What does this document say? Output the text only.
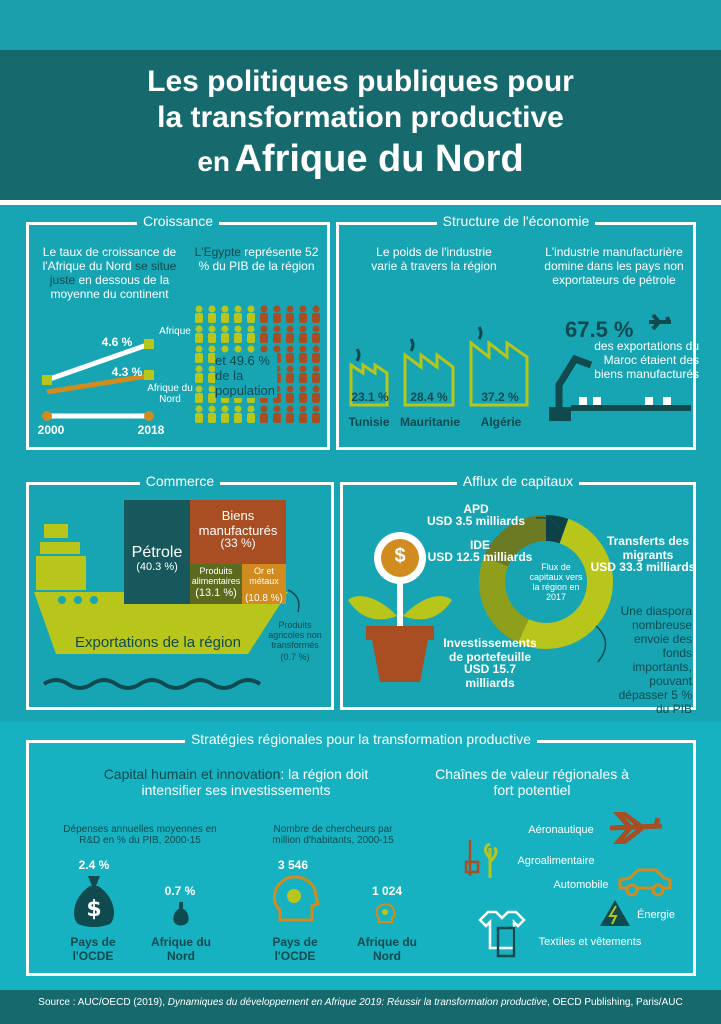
Les politiques publiques pour
la transformation productive
en Afrique du Nord
Croissance
Le taux de croissance de l'Afrique du Nord se situe juste en dessous de la moyenne du continent
4.6 %
Afrique
4.3 %
Afrique du Nord
2000	2018
L'Egypte représente 52 % du PIB de la région
et 49.6 % de la population
Structure de l'économie
Le poids de l'industrie varie à travers la région
23.1 %	28.4 %	37.2 %
Tunisie Mauritanie	Algérie
L'industrie manufacturière domine dans les pays non exportateurs de pétrole
67.5 %
des exportations du Maroc étaient des biens manufacturés
Commerce
Pétrole
(40.3 %)
Biens manufacturés
(33 %)
Produits alimentaires
(13.1 %)
Or et métaux
(10.8 %)
Produits agricoles non transformés
(0.7 %)
Exportations de la région
Afflux de capitaux
$	Flux de capitaux vers la région en 2017
APD
USD 3.5 milliards
IDE
USD 12.5 milliards
Transferts des migrants
USD 33.3 milliards
Investissements de portefeuille
USD 15.7 milliards
Une diaspora nombreuse envoie des fonds importants, pouvant dépasser 5 % du PIB
Stratégies régionales pour la transformation productive
Capital humain et innovation: la région doit intensifier ses investissements
Dépenses annuelles moyennes en R&D en % du PIB, 2000-15
2.4 %
$
Pays de l'OCDE
0.7 %
Afrique du Nord
Nombre de chercheurs par million d'habitants, 2000-15
3 546
Pays de l'OCDE
1 024
Afrique du Nord
Chaînes de valeur régionales à fort potentiel
Aéronautique
Agroalimentaire
Automobile
Énergie
Textiles et vêtements
Source : AUC/OECD (2019), Dynamiques du développement en Afrique 2019: Réussir la transformation productive, OECD Publishing, Paris/AUC
